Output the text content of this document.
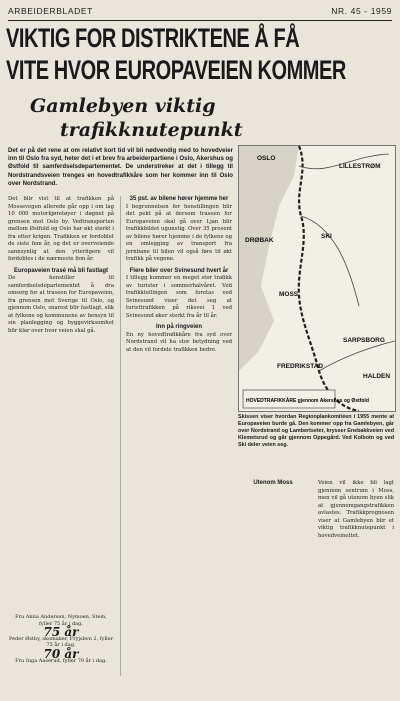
ARBEIDERBLADET	NR. 45 - 1959
VIKTIG FOR DISTRIKTENE Å FÅ
VITE HVOR EUROPAVEIEN KOMMER
Gamlebyen viktig
trafikknutepunkt
Det er på det rene at om relativt kort tid vil bli nødvendig med to hovedveier inn til Oslo fra syd, heter det i et brev fra arbeiderpartiene i Oslo, Akershus og Østfold til samferdselsdepartementet. De understreker at det i tillegg til Nordstrandsveien trenges en hovedtrafikkåre som her kommer inn til Oslo over Nordstrand.
Det blir vist til at trafikken på Mossevegen allerede går opp i om lag 10 000 motorkjøretøyer i døgnet på grensen mot Oslo by. Vedtransporten mellom Østfold og Oslo har økt sterkt i fra etter krigen. Trafikken er fordoblet de siste fem år, og det er overveiende sannsynlig at den ytterligere vil fordobles i de nærmeste fem år.
Europaveien trasé må bli fastlagt
De henstiller til samferdselsdepartementet å dra omsorg for at traseen for Europaveien, fra grensen mot Sverige til Oslo, og gjennom Oslo, snarest blir fastlagt, slik at fylkene og kommunene av hensyn til sin planlegging og byggevirksomhet blir klar over hvor veien skal gå.
35 pst. av bilene hører hjemme her
I begrunnelsen for henstillingen blir det pekt på at dersom traseen for Europaveien skal gå over Ljan blir trafikkbildet ugunstig. Over 35 prosent av bilene hører hjemme i de fylkene og en omlegging av transport fra jernbane til bilen vil også føre til økt trafikk på vegene.
Flere biler over Svinesund hvert år
I tillegg kommer en meget stor trafikk av turister i sommerhalvåret. Ved trafikktellingen som foretas ved Svinesund viser det seg at turisttrafikken på riksvei 1 ved Svinesund øker sterkt fra år til år.
Inn på ringveien
En ny hovedtrafikkåre fra syd over Nordstrand vil ha stor betydning ved at den vil fordele trafikken bedre.
OSLO
LILLESTRØM
DRØBAK
MOSS
SARPSBORG
FREDRIKSTAD
HALDEN
SKI
HOVEDTRAFIKKÅRE gjennom Akershus og Østfold
Skissen viser hvordan Regionplankomitéen i 1955 mente at Europaveien burde gå. Den kommer opp fra Gamlebyen, går over Nordstrand og Lambertseter, krysser Enebakkveien ved Klemetsrud og går gjennom Oppegård. Ved Kolbotn og ved Ski deler veien seg.
Utenom Moss	Veien vil ikke bli lagt gjennom sentrum i Moss, men vil gå utenom byen slik at gjennomgangstrafikken avlastes. Trafikkprognosen viser at Gamlebyen blir et viktig trafikknutepunkt i hovedveinettet.
Fru Anna Andersen, Nymoen, Stein, fyller 75 år i dag.
75 år
Peder Østby, skomaker, Fryjsbvn 2, fyller 75 år i dag.
70 år
Fru Inga Aaserud, fyller 70 år i dag.
